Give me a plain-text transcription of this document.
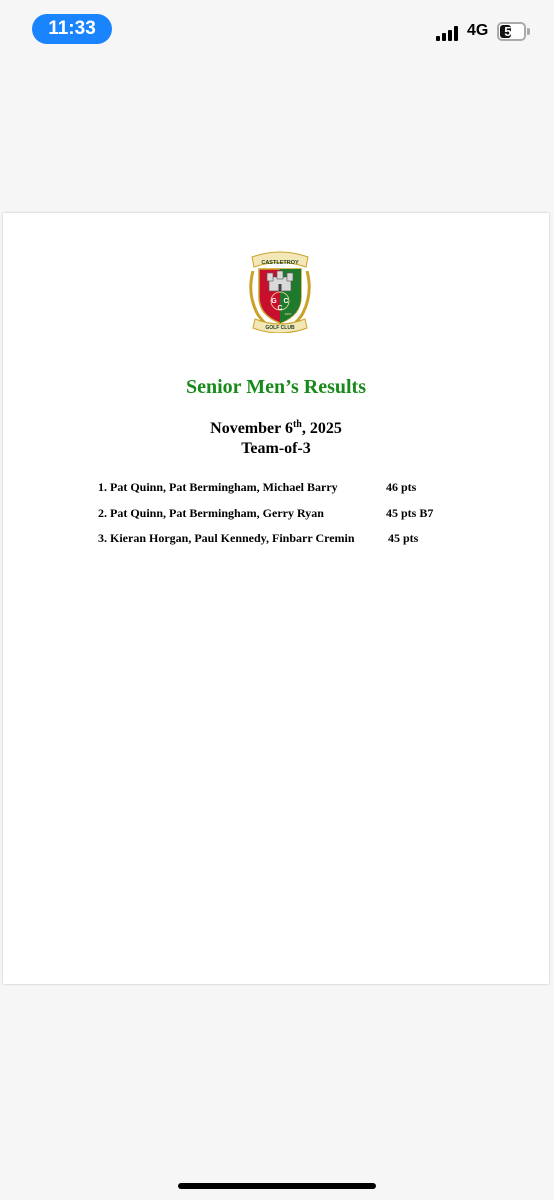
11:33	4G	52
CASTLETROY
G C
C
1937
GOLF CLUB
Senior Men’s Results
November 6th, 2025
Team-of-3
1. Pat Quinn, Pat Bermingham, Michael Barry	46 pts
2. Pat Quinn, Pat Bermingham, Gerry Ryan	45 pts B7
3. Kieran Horgan, Paul Kennedy, Finbarr Cremin	45 pts
